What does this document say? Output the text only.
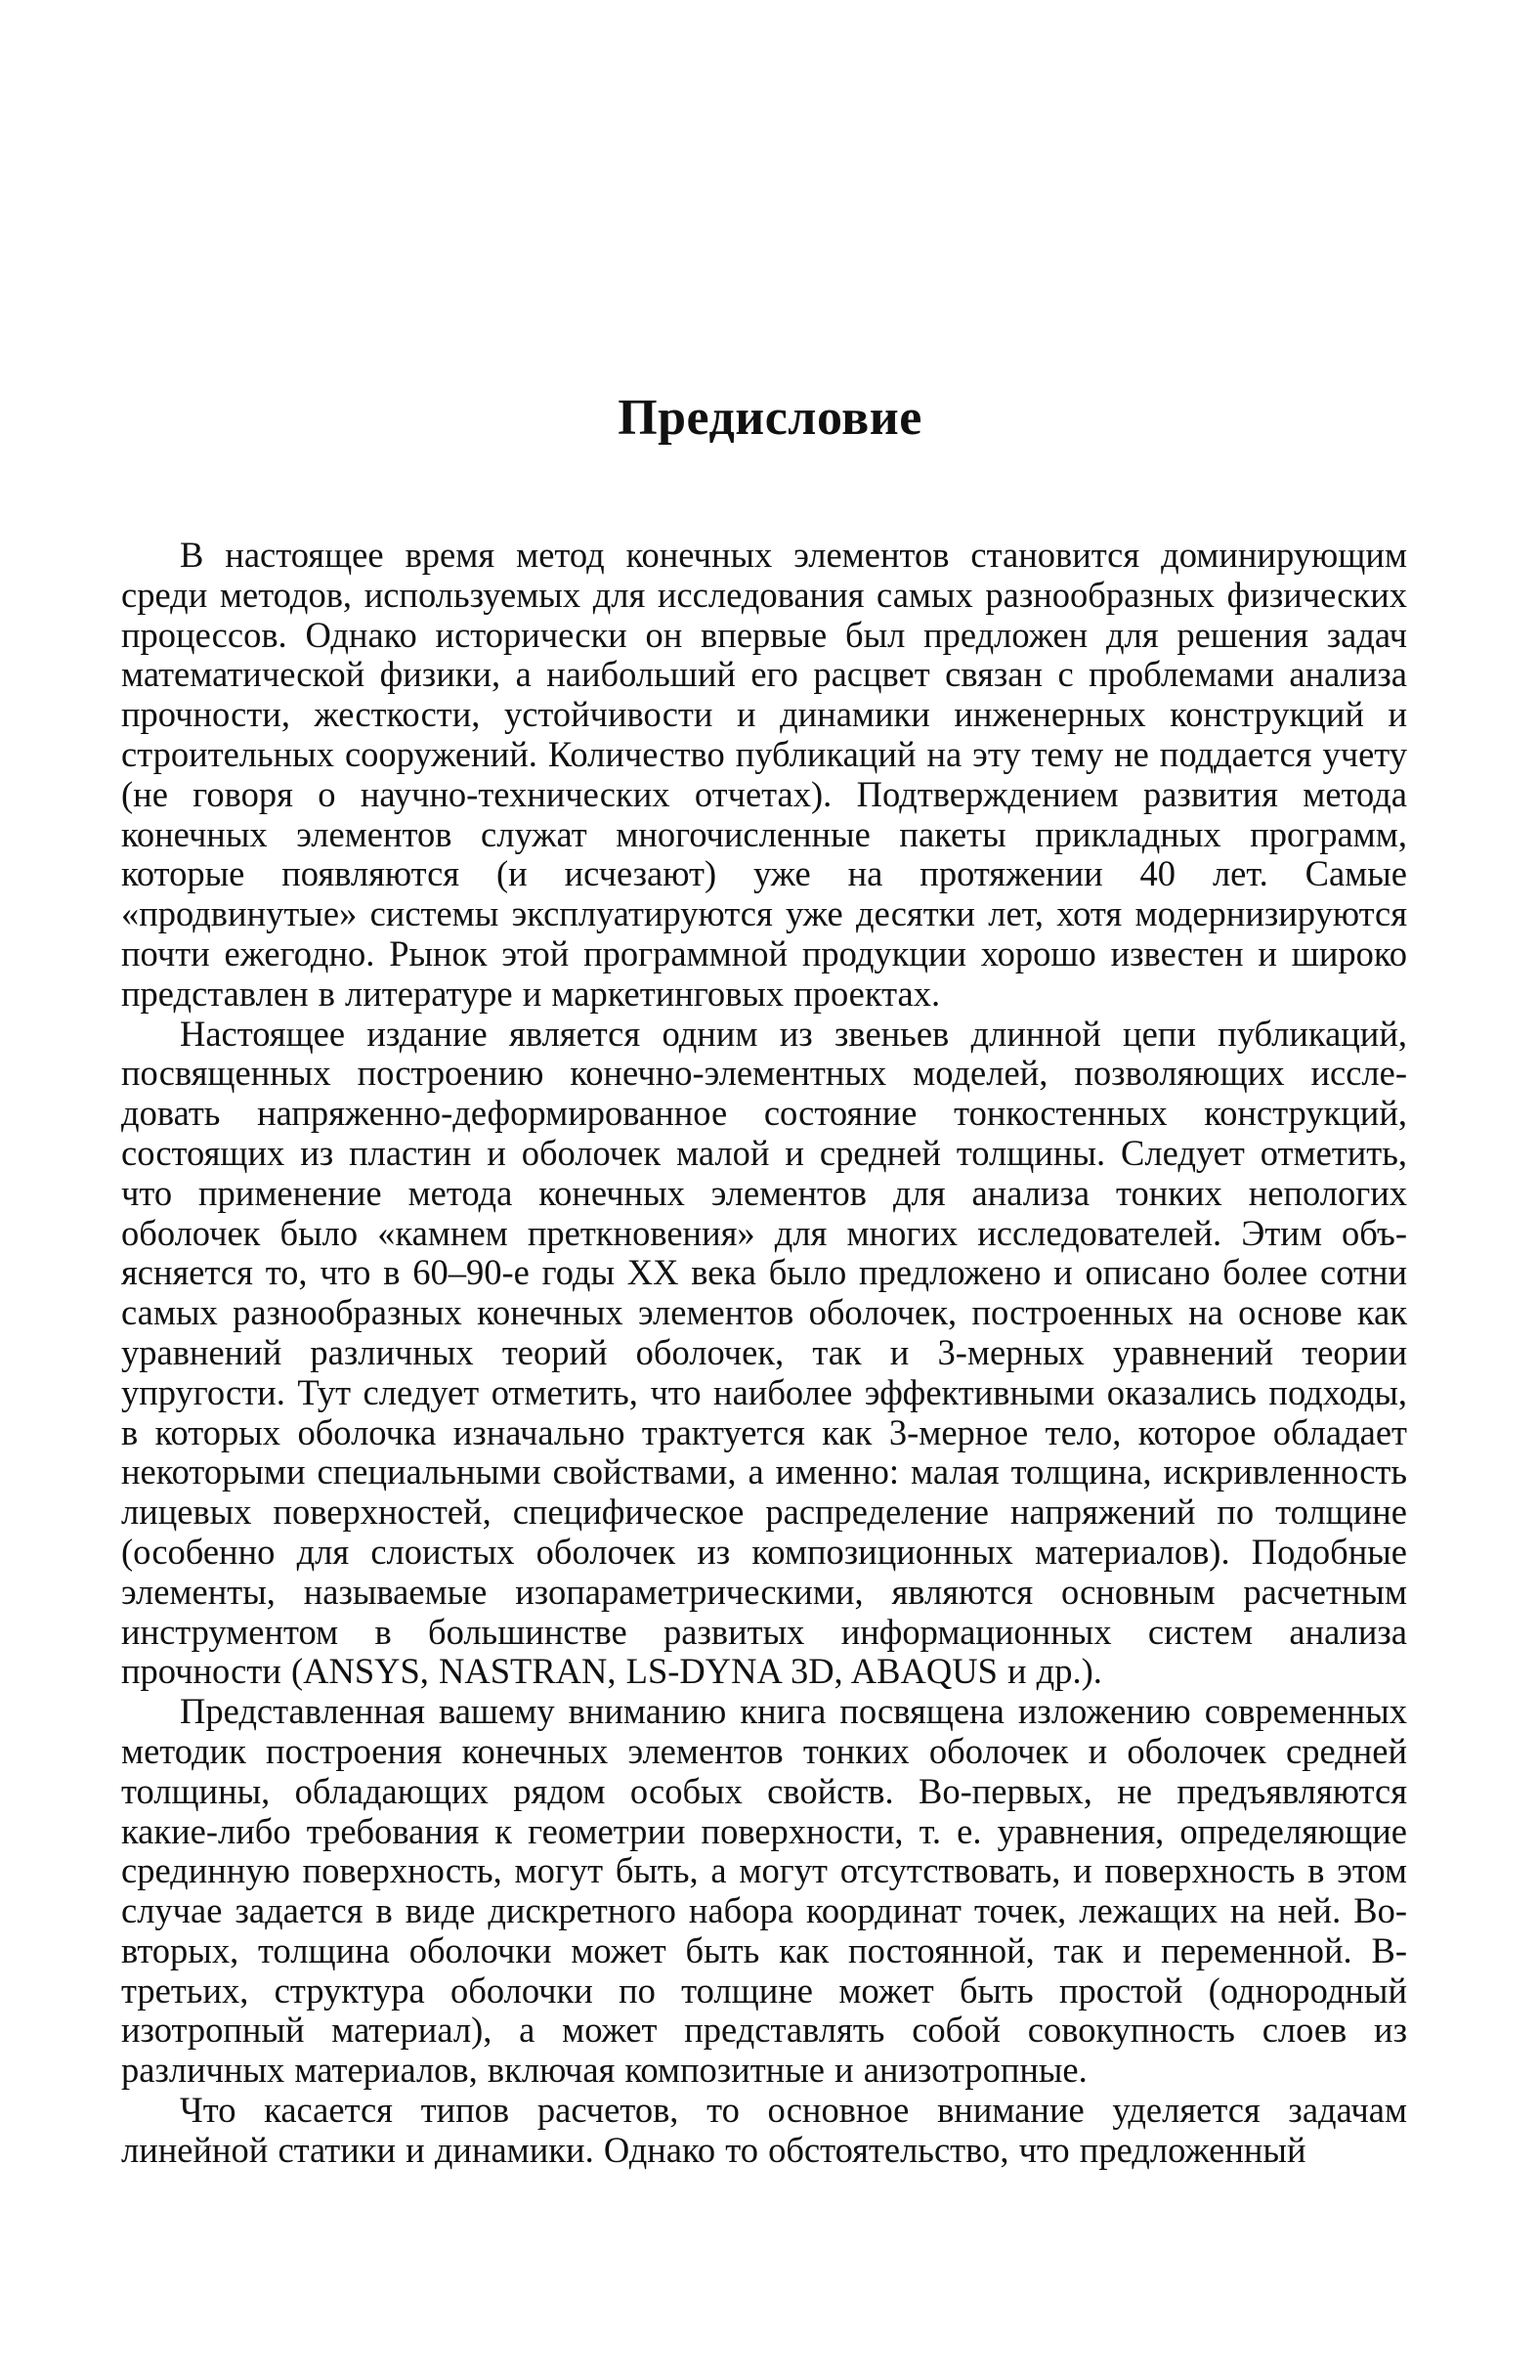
Предисловие

В настоящее время метод конечных элементов становится доминирующим среди методов, используемых для исследования самых разнообразных физических процессов. Однако исторически он впервые был предложен для решения задач математической физики, а наибольший его расцвет связан с проблемами анализа прочности, жесткости, устойчивости и динамики инженерных конструкций и строительных сооружений. Количество публикаций на эту тему не поддается учету (не говоря о научно-технических отчетах). Подтверждением развития метода конечных элементов служат многочисленные пакеты прикладных программ, которые появляются (и исчезают) уже на протяжении 40 лет. Самые «продвинутые» системы эксплуатируются уже десятки лет, хотя модернизируются почти ежегодно. Рынок этой программной продукции хорошо известен и широко представлен в литературе и маркетинговых проектах.

Настоящее издание является одним из звеньев длинной цепи публикаций, посвященных построению конечно-элементных моделей, позволяющих исследовать напряженно-деформированное состояние тонкостенных конструкций, состоящих из пластин и оболочек малой и средней толщины. Следует отметить, что применение метода конечных элементов для анализа тонких непологих оболочек было «камнем преткновения» для многих исследователей. Этим объясняется то, что в 60–90-е годы XX века было предложено и описано более сотни самых разнообразных конечных элементов оболочек, построенных на основе как уравнений различных теорий оболочек, так и 3-мерных уравнений теории упругости. Тут следует отметить, что наиболее эффективными оказались подходы, в которых оболочка изначально трактуется как 3-мерное тело, которое обладает некоторыми специальными свойствами, а именно: малая толщина, искривленность лицевых поверхностей, специфическое распределение напряжений по толщине (особенно для слоистых оболочек из композиционных материалов). Подобные элементы, называемые изопараметрическими, являются основным расчетным инструментом в большинстве развитых информационных систем анализа прочности (ANSYS, NASTRAN, LS-DYNA 3D, ABAQUS и др.).

Представленная вашему вниманию книга посвящена изложению современных методик построения конечных элементов тонких оболочек и оболочек средней толщины, обладающих рядом особых свойств. Во-первых, не предъявляются какие-либо требования к геометрии поверхности, т. е. уравнения, определяющие срединную поверхность, могут быть, а могут отсутствовать, и поверхность в этом случае задается в виде дискретного набора координат точек, лежащих на ней. Во-вторых, толщина оболочки может быть как постоянной, так и переменной. В-третьих, структура оболочки по толщине может быть простой (однородный изотропный материал), а может представлять собой совокупность слоев из различных материалов, включая композитные и анизотропные.

Что касается типов расчетов, то основное внимание уделяется задачам линейной статики и динамики. Однако то обстоятельство, что предложенный
